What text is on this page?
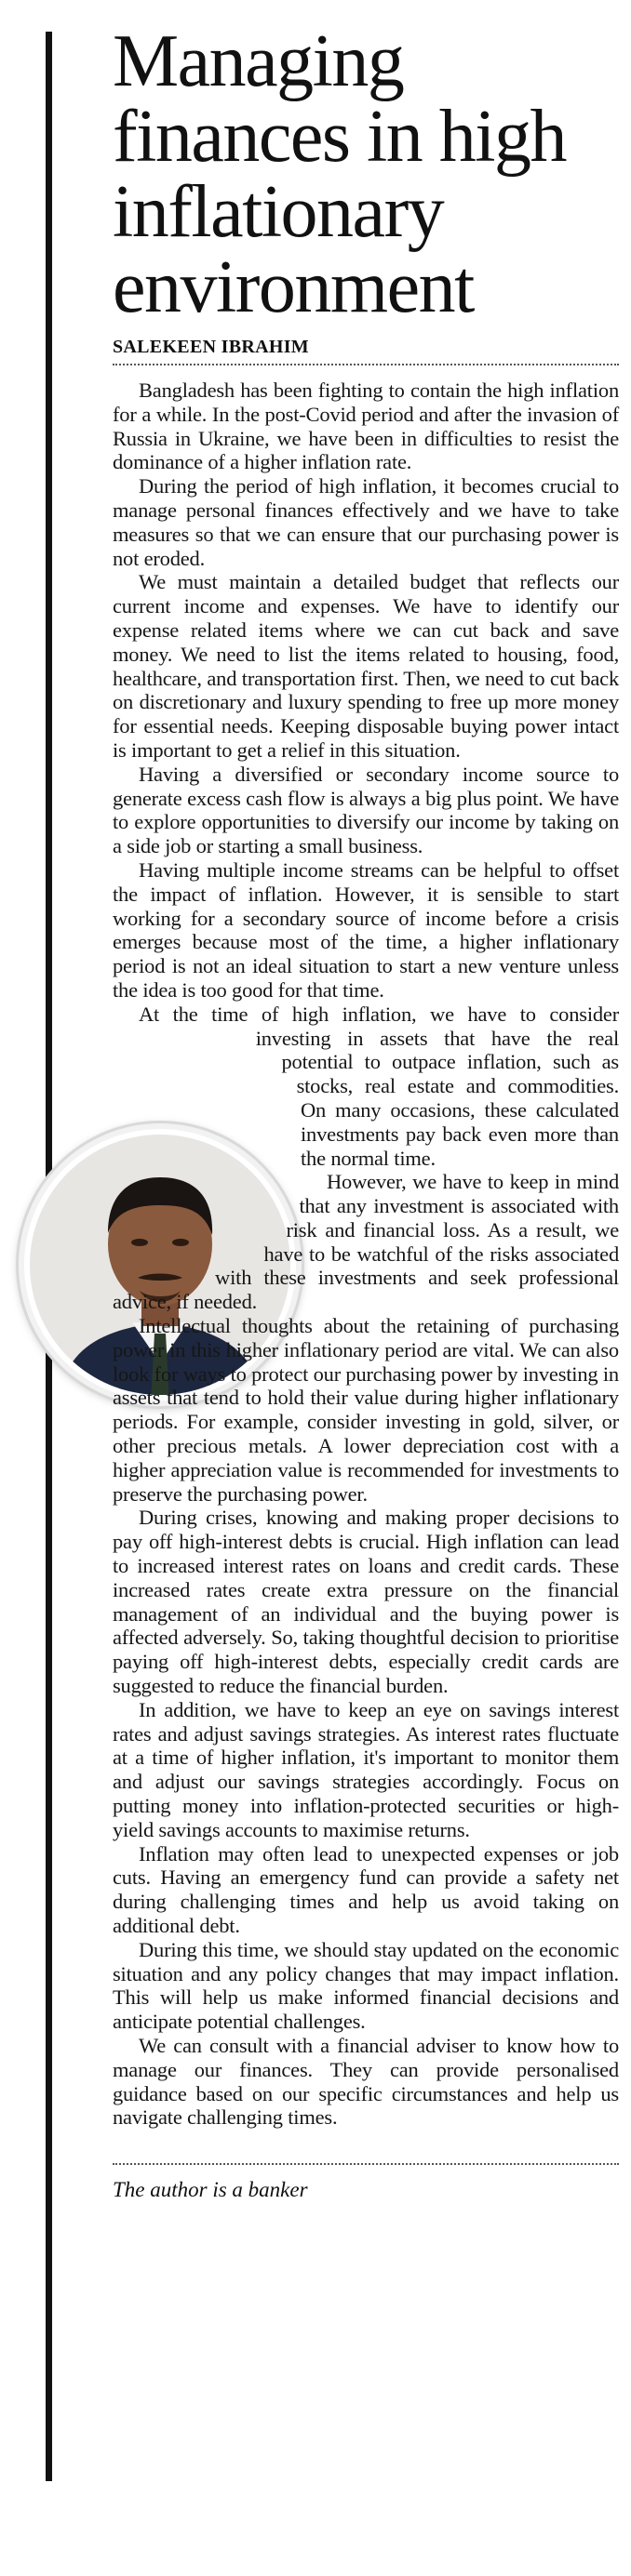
Managing finances in high inflationary environment
SALEKEEN IBRAHIM

Bangladesh has been fighting to contain the high inflation for a while. In the post-Covid period and after the invasion of Russia in Ukraine, we have been in difficulties to resist the dominance of a higher inflation rate.

During the period of high inflation, it becomes crucial to manage personal finances effectively and we have to take measures so that we can ensure that our purchasing power is not eroded.

We must maintain a detailed budget that reflects our current income and expenses. We have to identify our expense related items where we can cut back and save money. We need to list the items related to housing, food, healthcare, and transportation first. Then, we need to cut back on discretionary and luxury spending to free up more money for essential needs. Keeping disposable buying power intact is important to get a relief in this situation.

Having a diversified or secondary income source to generate excess cash flow is always a big plus point. We have to explore opportunities to diversify our income by taking on a side job or starting a small business.

Having multiple income streams can be helpful to offset the impact of inflation. However, it is sensible to start working for a secondary source of income before a crisis emerges because most of the time, a higher inflationary period is not an ideal situation to start a new venture unless the idea is too good for that time.

At the time of high inflation, we have to consider investing in assets that have the real potential to outpace inflation, such as stocks, real estate and commodities. On many occasions, these calculated investments pay back even more than the normal time.

However, we have to keep in mind that any investment is associated with risk and financial loss. As a result, we have to be watchful of the risks associated with these investments and seek professional advice, if needed.

Intellectual thoughts about the retaining of purchasing power in this higher inflationary period are vital. We can also look for ways to protect our purchasing power by investing in assets that tend to hold their value during higher inflationary periods. For example, consider investing in gold, silver, or other precious metals. A lower depreciation cost with a higher appreciation value is recommended for investments to preserve the purchasing power.

During crises, knowing and making proper decisions to pay off high-interest debts is crucial. High inflation can lead to increased interest rates on loans and credit cards. These increased rates create extra pressure on the financial management of an individual and the buying power is affected adversely. So, taking thoughtful decision to prioritise paying off high-interest debts, especially credit cards are suggested to reduce the financial burden.

In addition, we have to keep an eye on savings interest rates and adjust savings strategies. As interest rates fluctuate at a time of higher inflation, it's important to monitor them and adjust our savings strategies accordingly. Focus on putting money into inflation-protected securities or high-yield savings accounts to maximise returns.

Inflation may often lead to unexpected expenses or job cuts. Having an emergency fund can provide a safety net during challenging times and help us avoid taking on additional debt.

During this time, we should stay updated on the economic situation and any policy changes that may impact inflation. This will help us make informed financial decisions and anticipate potential challenges.

We can consult with a financial adviser to know how to manage our finances. They can provide personalised guidance based on our specific circumstances and help us navigate challenging times.

The author is a banker
